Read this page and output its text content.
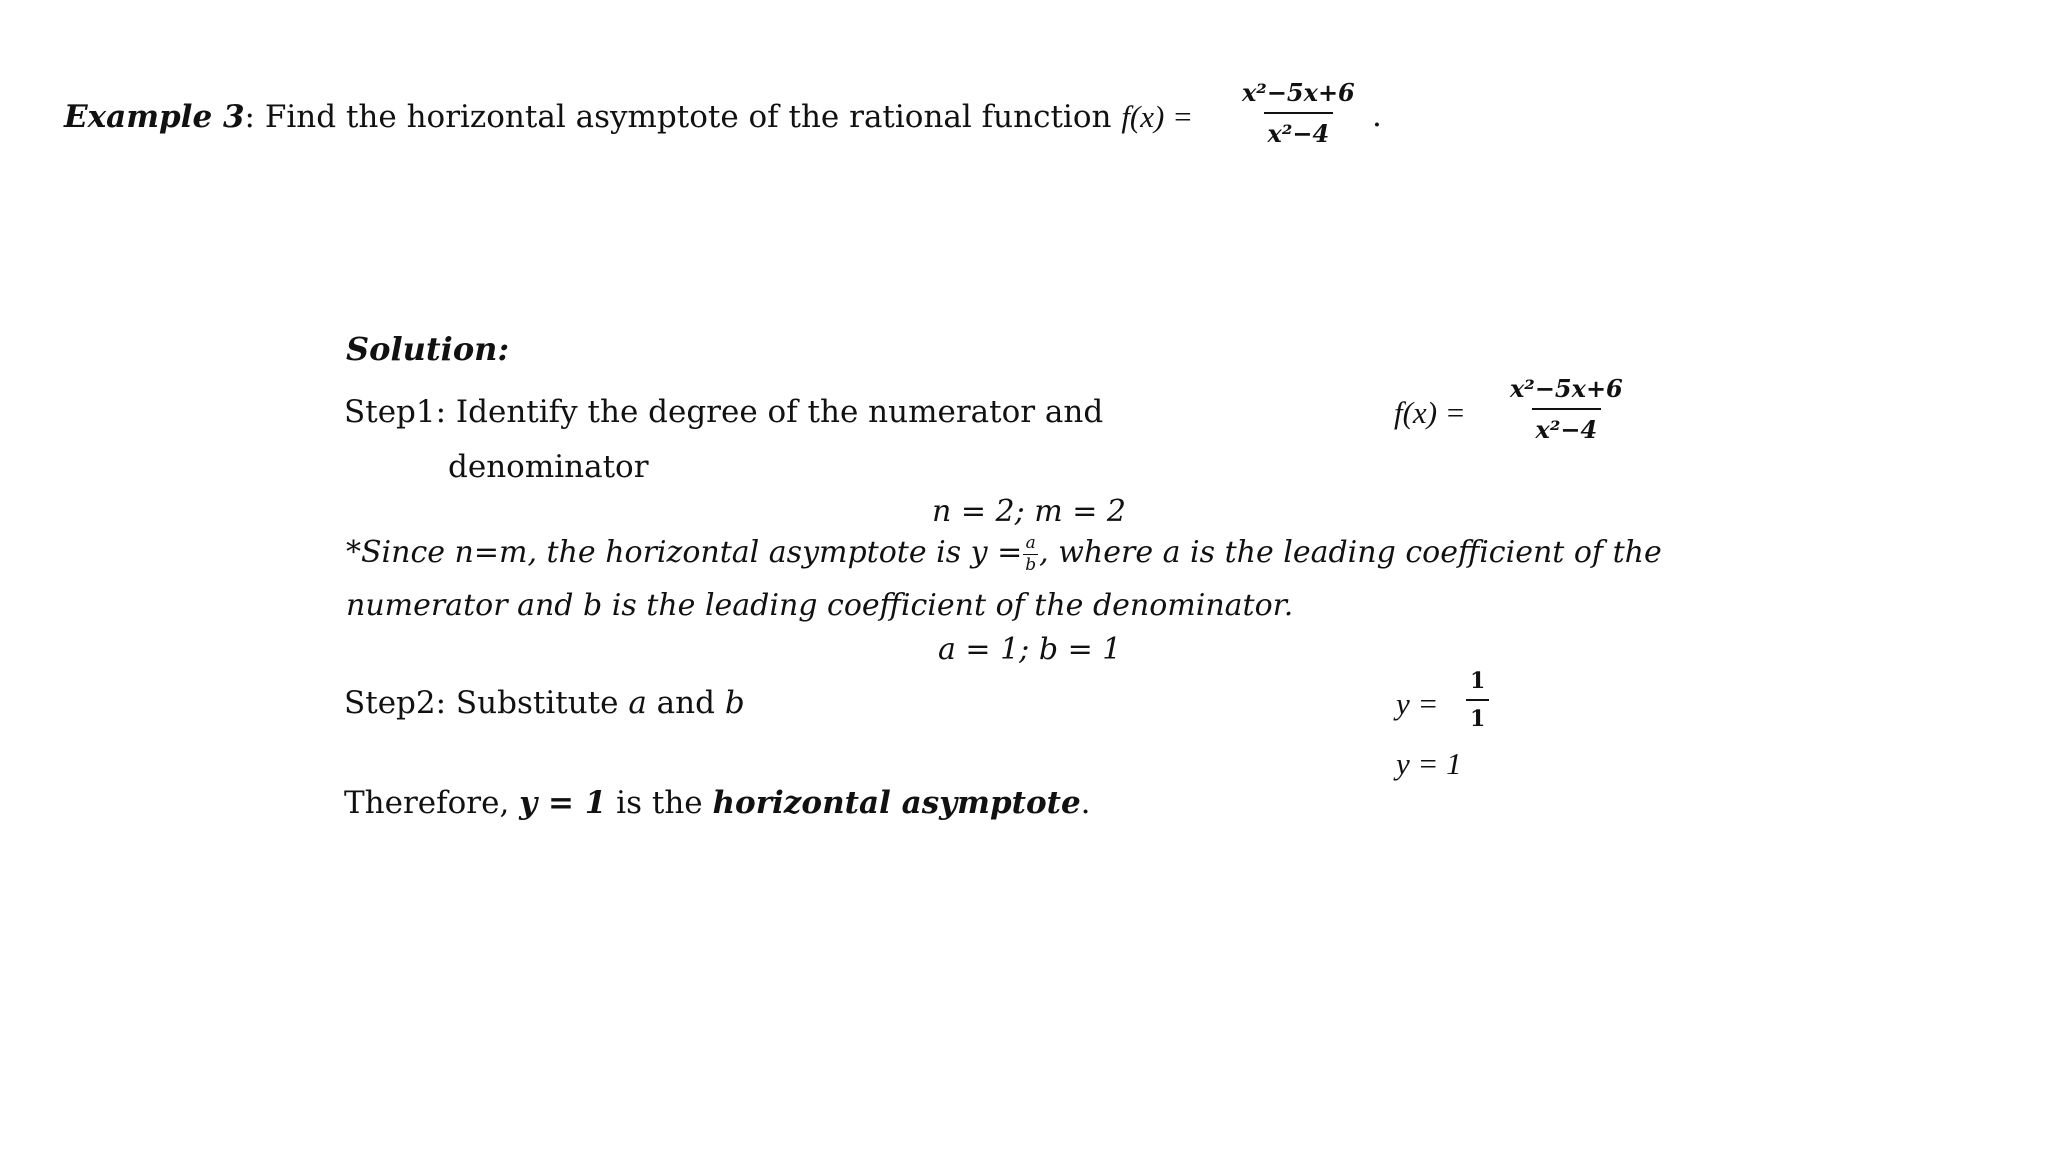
Example 3: Find the horizontal asymptote of the rational function $f(x) = \frac{\text{x²−5x+6}}{\text{x²−4}}$ .
Solution:
Step1: Identify the degree of the numerator and
denominator
$f(x) = \frac{\text{x²−5x+6}}{\text{x²−4}}$
n = 2; m = 2
*Since n=m, the horizontal asymptote is $y = \frac{a}{b}$ , where a is the leading coefficient of the
numerator and b is the leading coefficient of the denominator.
a = 1; b = 1
Step2: Substitute a and b	$y = \frac{1}{1}$
y = 1
Therefore, y = 1 is the horizontal asymptote.
